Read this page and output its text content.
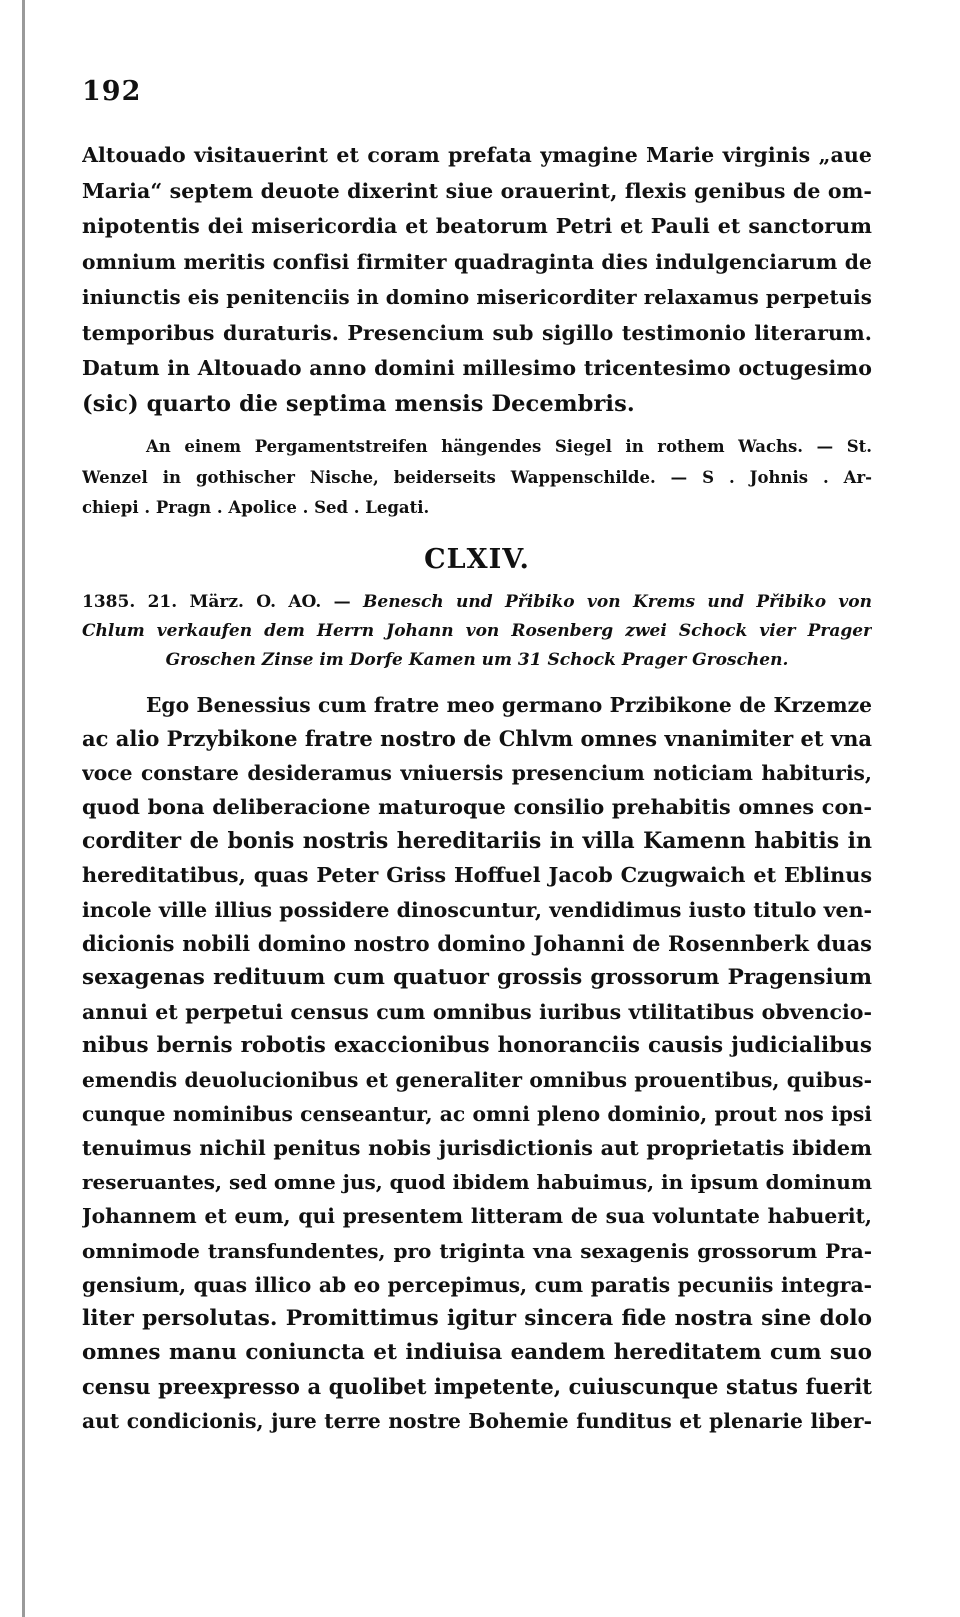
192
Altouado visitauerint et coram prefata ymagine Marie virginis „aue
Maria“ septem deuote dixerint siue orauerint, flexis genibus de om-
nipotentis dei misericordia et beatorum Petri et Pauli et sanctorum
omnium meritis confisi firmiter quadraginta dies indulgenciarum de
iniunctis eis penitenciis in domino misericorditer relaxamus perpetuis
temporibus duraturis. Presencium sub sigillo testimonio literarum.
Datum in Altouado anno domini millesimo tricentesimo octugesimo
(sic) quarto die septima mensis Decembris.
An einem Pergamentstreifen hängendes Siegel in rothem Wachs. — St.
Wenzel in gothischer Nische, beiderseits Wappenschilde. — S . Johnis . Ar-
chiepi . Pragn . Apolice . Sed . Legati.
CLXIV.
1385. 21. März. O. AO. — Benesch und Přibiko von Krems und Přibiko von
Chlum verkaufen dem Herrn Johann von Rosenberg zwei Schock vier Prager
Groschen Zinse im Dorfe Kamen um 31 Schock Prager Groschen.
Ego Benessius cum fratre meo germano Przibikone de Krzemze
ac alio Przybikone fratre nostro de Chlvm omnes vnanimiter et vna
voce constare desideramus vniuersis presencium noticiam habituris,
quod bona deliberacione maturoque consilio prehabitis omnes con-
corditer de bonis nostris hereditariis in villa Kamenn habitis in
hereditatibus, quas Peter Griss Hoffuel Jacob Czugwaich et Eblinus
incole ville illius possidere dinoscuntur, vendidimus iusto titulo ven-
dicionis nobili domino nostro domino Johanni de Rosennberk duas
sexagenas redituum cum quatuor grossis grossorum Pragensium
annui et perpetui census cum omnibus iuribus vtilitatibus obvencio-
nibus bernis robotis exaccionibus honoranciis causis judicialibus
emendis deuolucionibus et generaliter omnibus prouentibus, quibus-
cunque nominibus censeantur, ac omni pleno dominio, prout nos ipsi
tenuimus nichil penitus nobis jurisdictionis aut proprietatis ibidem
reseruantes, sed omne jus, quod ibidem habuimus, in ipsum dominum
Johannem et eum, qui presentem litteram de sua voluntate habuerit,
omnimode transfundentes, pro triginta vna sexagenis grossorum Pra-
gensium, quas illico ab eo percepimus, cum paratis pecuniis integra-
liter persolutas. Promittimus igitur sincera fide nostra sine dolo
omnes manu coniuncta et indiuisa eandem hereditatem cum suo
censu preexpresso a quolibet impetente, cuiuscunque status fuerit
aut condicionis, jure terre nostre Bohemie funditus et plenarie liber-
